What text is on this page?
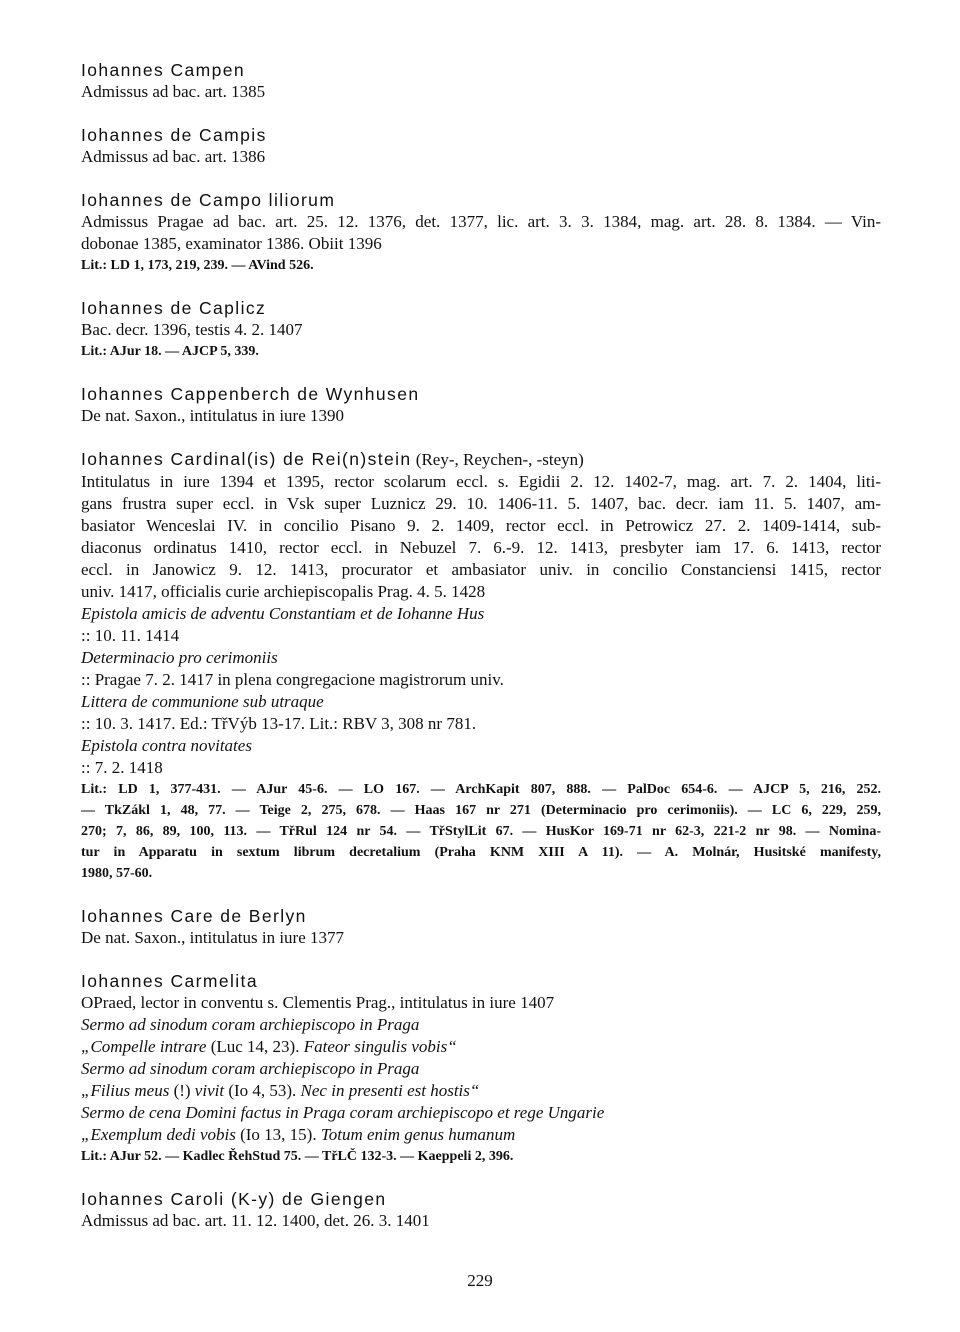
Iohannes Campen
Admissus ad bac. art. 1385
Iohannes de Campis
Admissus ad bac. art. 1386
Iohannes de Campo liliorum
Admissus Pragae ad bac. art. 25. 12. 1376, det. 1377, lic. art. 3. 3. 1384, mag. art. 28. 8. 1384. — Vin-
dobonae 1385, examinator 1386. Obiit 1396
Lit.: LD 1, 173, 219, 239. — AVind 526.
Iohannes de Caplicz
Bac. decr. 1396, testis 4. 2. 1407
Lit.: AJur 18. — AJCP 5, 339.
Iohannes Cappenberch de Wynhusen
De nat. Saxon., intitulatus in iure 1390
Iohannes Cardinal(is) de Rei(n)stein (Rey-, Reychen-, -steyn)
Intitulatus in iure 1394 et 1395, rector scolarum eccl. s. Egidii 2. 12. 1402-7, mag. art. 7. 2. 1404, liti-
gans frustra super eccl. in Vsk super Luznicz 29. 10. 1406-11. 5. 1407, bac. decr. iam 11. 5. 1407, am-
basiator Wenceslai IV. in concilio Pisano 9. 2. 1409, rector eccl. in Petrowicz 27. 2. 1409-1414, sub-
diaconus ordinatus 1410, rector eccl. in Nebuzel 7. 6.-9. 12. 1413, presbyter iam 17. 6. 1413, rector
eccl. in Janowicz 9. 12. 1413, procurator et ambasiator univ. in concilio Constanciensi 1415, rector
univ. 1417, officialis curie archiepiscopalis Prag. 4. 5. 1428
Epistola amicis de adventu Constantiam et de Iohanne Hus
:: 10. 11. 1414
Determinacio pro cerimoniis
:: Pragae 7. 2. 1417 in plena congregacione magistrorum univ.
Littera de communione sub utraque
:: 10. 3. 1417. Ed.: TřVýb 13-17. Lit.: RBV 3, 308 nr 781.
Epistola contra novitates
:: 7. 2. 1418
Lit.: LD 1, 377-431. — AJur 45-6. — LO 167. — ArchKapit 807, 888. — PalDoc 654-6. — AJCP 5, 216, 252.
— TkZákl 1, 48, 77. — Teige 2, 275, 678. — Haas 167 nr 271 (Determinacio pro cerimoniis). — LC 6, 229, 259,
270; 7, 86, 89, 100, 113. — TřRul 124 nr 54. — TřStylLit 67. — HusKor 169-71 nr 62-3, 221-2 nr 98. — Nomina-
tur in Apparatu in sextum librum decretalium (Praha KNM XIII A 11). — A. Molnár, Husitské manifesty,
1980, 57-60.
Iohannes Care de Berlyn
De nat. Saxon., intitulatus in iure 1377
Iohannes Carmelita
OPraed, lector in conventu s. Clementis Prag., intitulatus in iure 1407
Sermo ad sinodum coram archiepiscopo in Praga
„Compelle intrare (Luc 14, 23). Fateor singulis vobis“
Sermo ad sinodum coram archiepiscopo in Praga
„Filius meus (!) vivit (Io 4, 53). Nec in presenti est hostis“
Sermo de cena Domini factus in Praga coram archiepiscopo et rege Ungarie
„Exemplum dedi vobis (Io 13, 15). Totum enim genus humanum
Lit.: AJur 52. — Kadlec ŘehStud 75. — TřLČ 132-3. — Kaeppeli 2, 396.
Iohannes Caroli (K-y) de Giengen
Admissus ad bac. art. 11. 12. 1400, det. 26. 3. 1401
229
